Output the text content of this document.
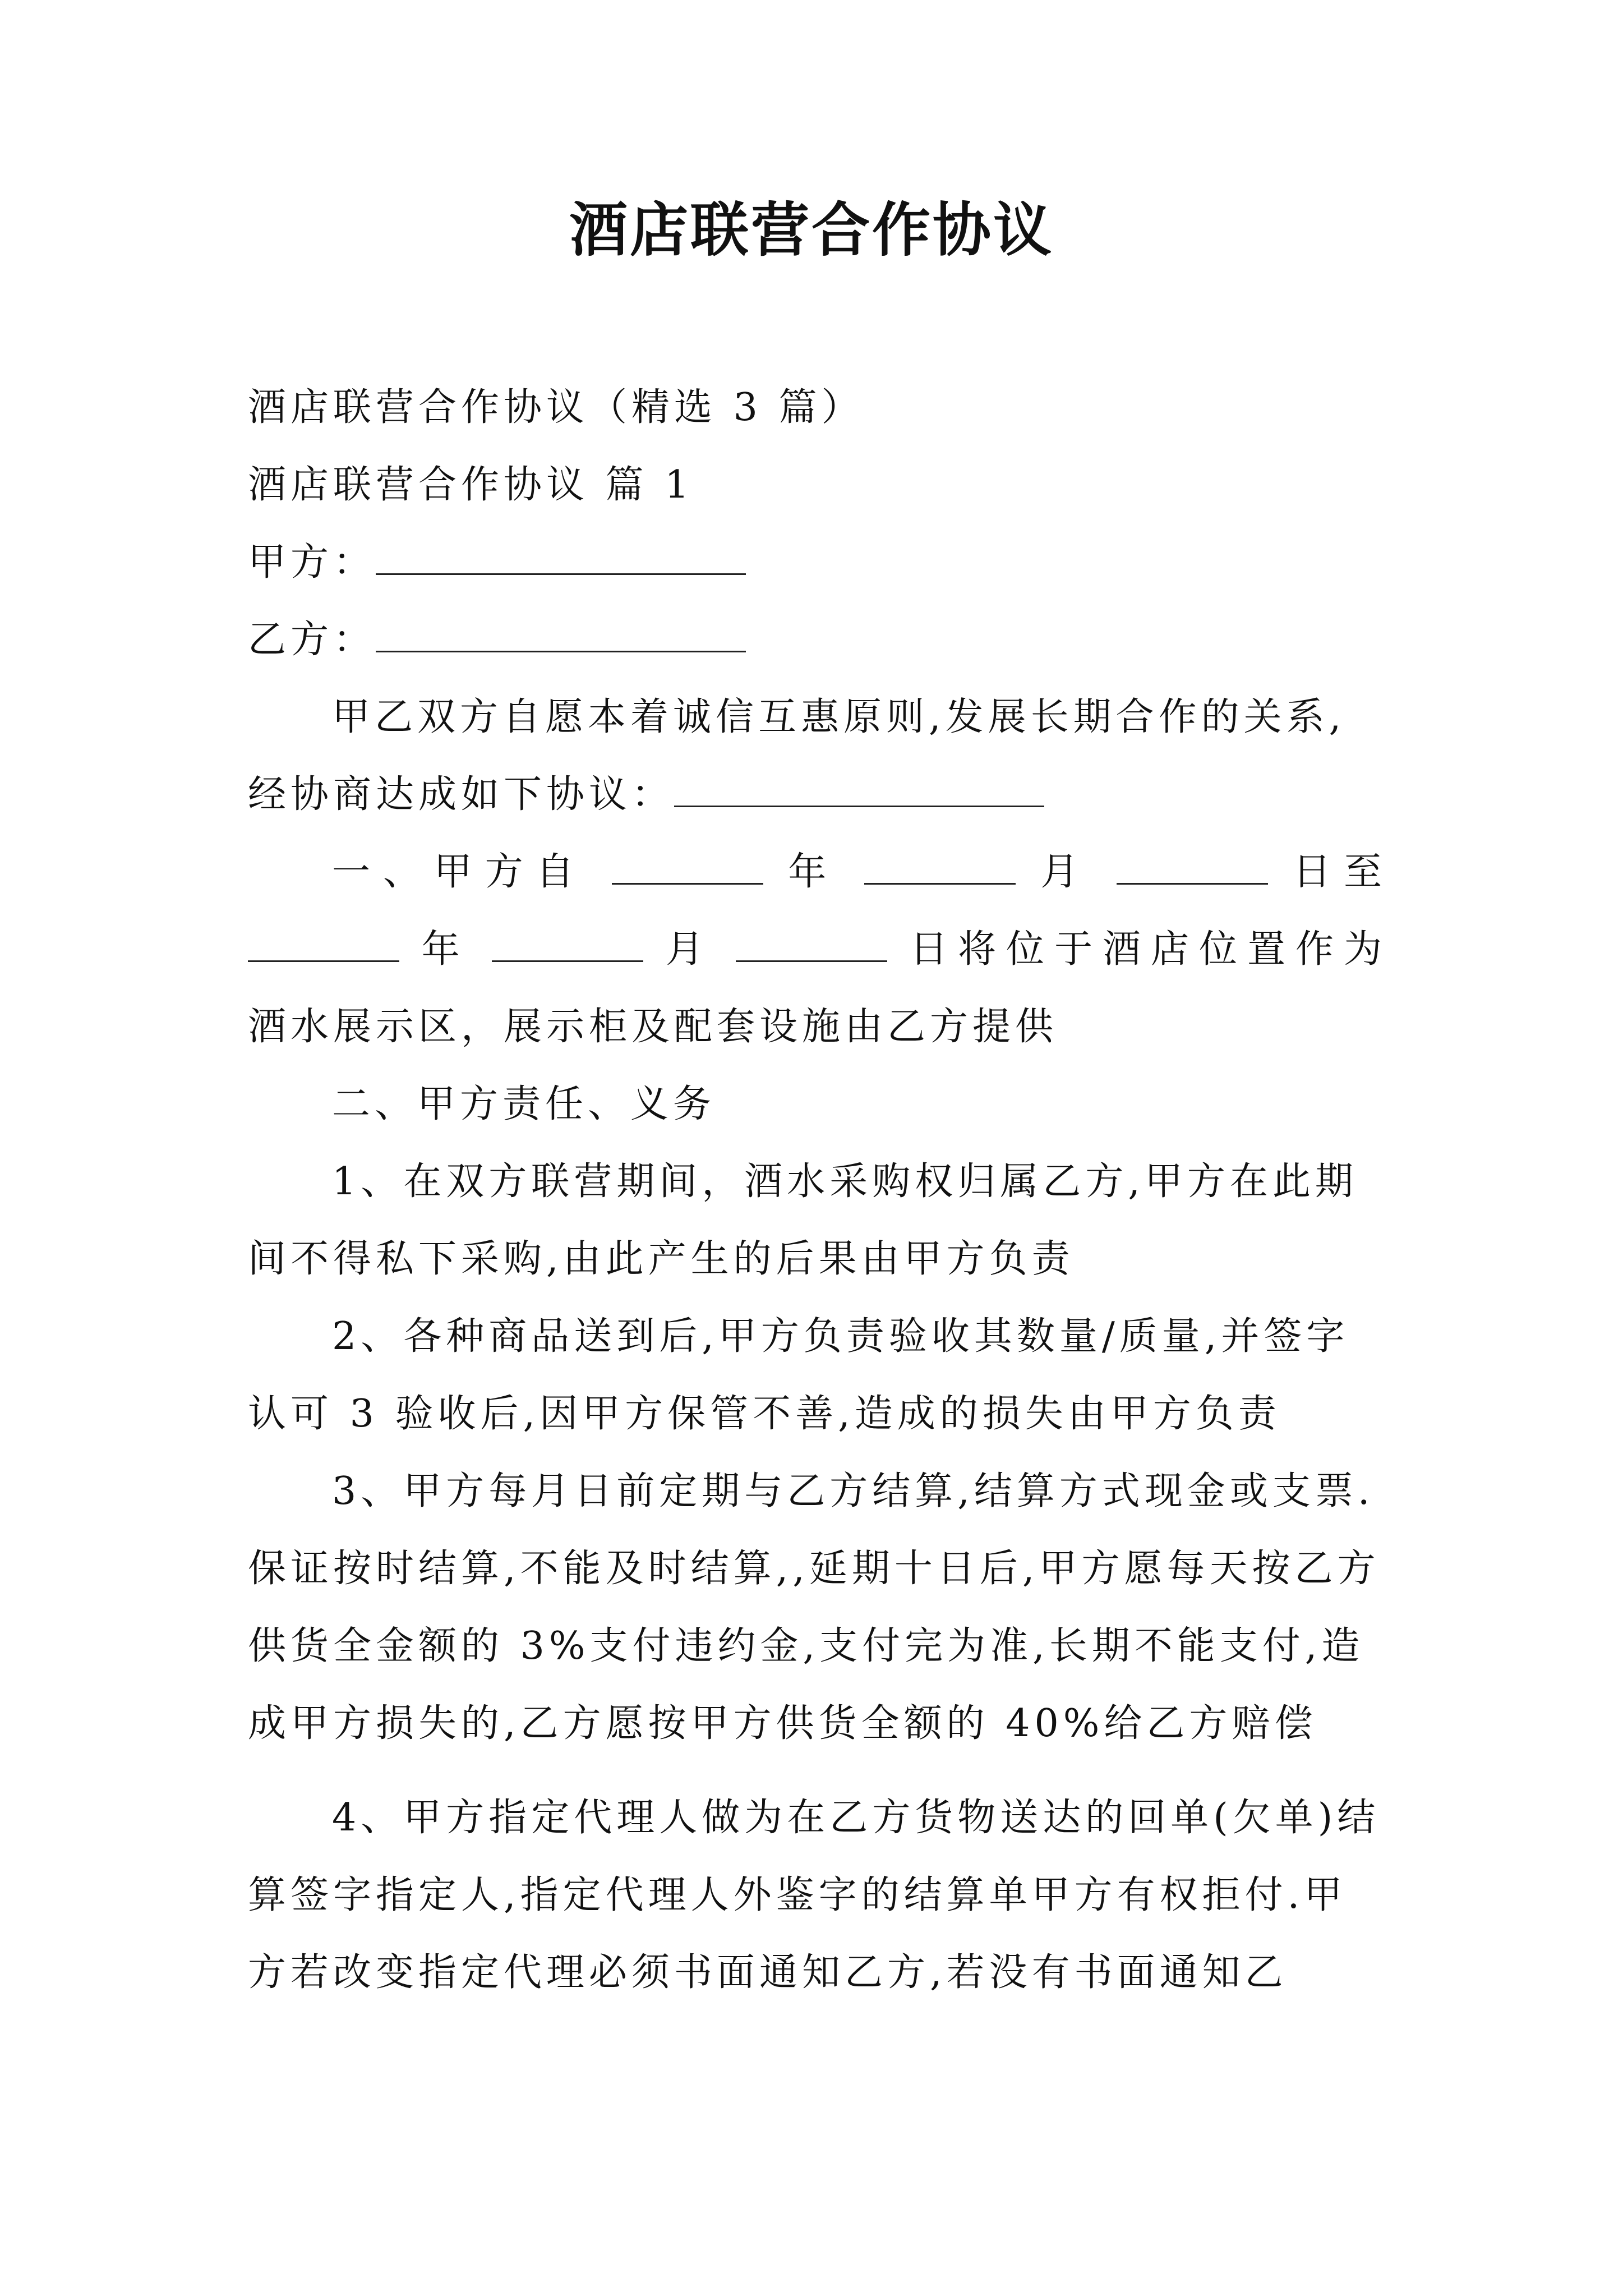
酒店联营合作协议

酒店联营合作协议（精选 3 篇）

酒店联营合作协议 篇 1

甲方：

乙方：

甲乙双方自愿本着诚信互惠原则,发展长期合作的关系,经协商达成如下协议：

一、甲方自	年	月	日至

年	月	日将位于酒店位置作为

酒水展示区，展示柜及配套设施由乙方提供

二、甲方责任、义务

1、在双方联营期间，酒水采购权归属乙方,甲方在此期间不得私下采购,由此产生的后果由甲方负责

2、各种商品送到后,甲方负责验收其数量/质量,并签字认可 3 验收后,因甲方保管不善,造成的损失由甲方负责

3、甲方每月日前定期与乙方结算,结算方式现金或支票.保证按时结算,不能及时结算,,延期十日后,甲方愿每天按乙方供货全金额的 3%支付违约金,支付完为准,长期不能支付,造成甲方损失的,乙方愿按甲方供货全额的 40%给乙方赔偿

4、甲方指定代理人做为在乙方货物送达的回单(欠单)结算签字指定人,指定代理人外鉴字的结算单甲方有权拒付.甲方若改变指定代理必须书面通知乙方,若没有书面通知乙
